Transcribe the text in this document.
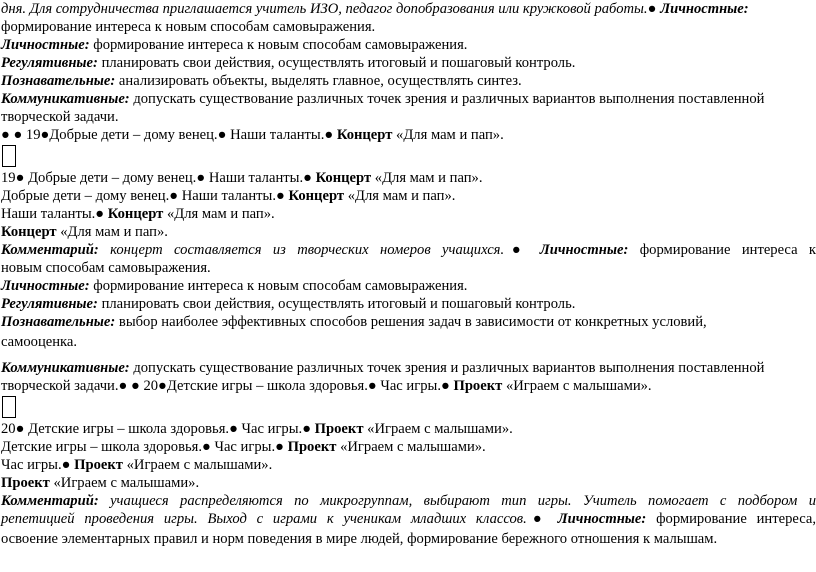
дня. Для сотрудничества приглашается учитель ИЗО, педагог допобразования или кружковой работы.● Личностные:
формирование интереса к новым способам самовыражения.
Личностные: формирование интереса к новым способам самовыражения.
Регулятивные: планировать свои действия, осуществлять итоговый и пошаговый контроль.
Познавательные: анализировать объекты, выделять главное, осуществлять синтез.
Коммуникативные: допускать существование различных точек зрения и различных вариантов выполнения поставленной
творческой задачи.
● ● 19●Добрые дети – дому венец.● Наши таланты.● Концерт «Для мам и пап».
19● Добрые дети – дому венец.● Наши таланты.● Концерт «Для мам и пап».
Добрые дети – дому венец.● Наши таланты.● Концерт «Для мам и пап».
Наши таланты.● Концерт «Для мам и пап».
Концерт «Для мам и пап».
Комментарий: концерт составляется из творческих номеров учащихся.● Личностные: формирование интереса к
новым способам самовыражения.
Личностные: формирование интереса к новым способам самовыражения.
Регулятивные: планировать свои действия, осуществлять итоговый и пошаговый контроль.
Познавательные: выбор наиболее эффективных способов решения задач в зависимости от конкретных условий,
самооценка.
Коммуникативные: допускать существование различных точек зрения и различных вариантов выполнения поставленной
творческой задачи.● ● 20●Детские игры – школа здоровья.● Час игры.● Проект «Играем с малышами».
20● Детские игры – школа здоровья.● Час игры.● Проект «Играем с малышами».
Детские игры – школа здоровья.● Час игры.● Проект «Играем с малышами».
Час игры.● Проект «Играем с малышами».
Проект «Играем с малышами».
Комментарий: учащиеся распределяются по микрогруппам, выбирают тип игры. Учитель помогает с подбором и
репетицией проведения игры. Выход с играми к ученикам младших классов.● Личностные: формирование интереса,
освоение элементарных правил и норм поведения в мире людей, формирование бережного отношения к малышам.
